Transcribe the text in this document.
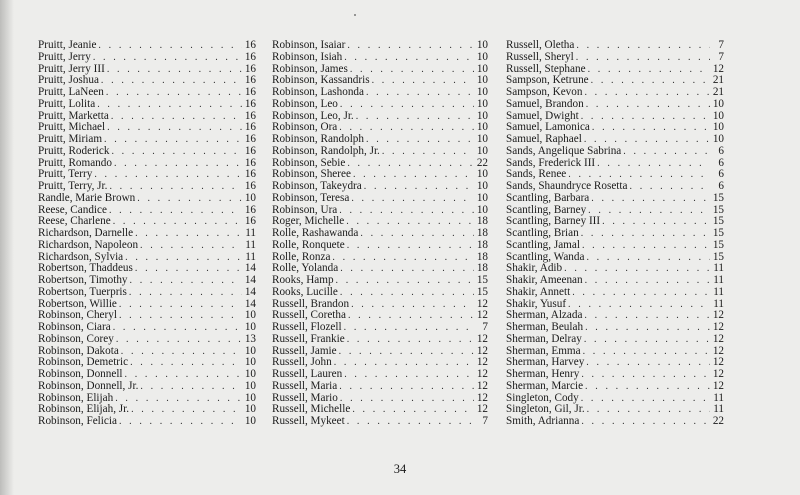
Pruitt, Jeanie . . .	16
Pruitt, Jerry . . .	16
Pruitt, Jerry III . . .	16
Pruitt, Joshua . . .	16
Pruitt, LaNeen . . .	16
Pruitt, Lolita . . .	16
Pruitt, Marketta . . .	16
Pruitt, Michael . . .	16
Pruitt, Miriam . . .	16
Pruitt, Roderick . . .	16
Pruitt, Romando . . .	16
Pruitt, Terry . . .	16
Pruitt, Terry, Jr. . . .	16
Randle, Marie Brown . . .	10
Reese, Candice . . .	16
Reese, Charlene . . .	16
Richardson, Darnelle . . .	11
Richardson, Napoleon . . .	11
Richardson, Sylvia . . .	11
Robertson, Thaddeus . . .	14
Robertson, Timothy . . .	14
Robertson, Tuerpris . . .	14
Robertson, Willie . . .	14
Robinson, Cheryl . . .	10
Robinson, Ciara . . .	10
Robinson, Corey . . .	13
Robinson, Dakota . . .	10
Robinson, Demetric . . .	10
Robinson, Donnell . . .	10
Robinson, Donnell, Jr. . . .	10
Robinson, Elijah . . .	10
Robinson, Elijah, Jr. . . .	10
Robinson, Felicia . . .	10
Robinson, Isaiar . . .	10
Robinson, Isiah . . .	10
Robinson, James . . .	10
Robinson, Kassandris . . .	10
Robinson, Lashonda . . .	10
Robinson, Leo . . .	10
Robinson, Leo, Jr. . . .	10
Robinson, Ora . . .	10
Robinson, Randolph . . .	10
Robinson, Randolph, Jr. . . .	10
Robinson, Sebie . . .	22
Robinson, Sheree . . .	10
Robinson, Takeydra . . .	10
Robinson, Teresa . . .	10
Robinson, Ura . . .	10
Roger, Michelle . . .	18
Rolle, Rashawanda . . .	18
Rolle, Ronquete . . .	18
Rolle, Ronza . . .	18
Rolle, Yolanda . . .	18
Rooks, Hamp . . .	15
Rooks, Lucille . . .	15
Russell, Brandon . . .	12
Russell, Coretha . . .	12
Russell, Flozell . . .	7
Russell, Frankie . . .	12
Russell, Jamie . . .	12
Russell, John . . .	12
Russell, Lauren . . .	12
Russell, Maria . . .	12
Russell, Mario . . .	12
Russell, Michelle . . .	12
Russell, Mykeet . . .	7
Russell, Oletha . . .	7
Russell, Sheryl . . .	7
Russell, Stephane . . .	12
Sampson, Ketrune . . .	21
Sampson, Kevon . . .	21
Samuel, Brandon . . .	10
Samuel, Dwight . . .	10
Samuel, Lamonica . . .	10
Samuel, Raphael . . .	10
Sands, Angelique Sabrina . . .	6
Sands, Frederick III . . .	6
Sands, Renee . . .	6
Sands, Shaundryce Rosetta . . .	6
Scantling, Barbara . . .	15
Scantling, Barney . . .	15
Scantling, Barney III . . .	15
Scantling, Brian . . .	15
Scantling, Jamal . . .	15
Scantling, Wanda . . .	15
Shakir, Adib . . .	11
Shakir, Ameenan . . .	11
Shakir, Annett . . .	11
Shakir, Yusuf . . .	11
Sherman, Alzada . . .	12
Sherman, Beulah . . .	12
Sherman, Delray . . .	12
Sherman, Emma . . .	12
Sherman, Harvey . . .	12
Sherman, Henry . . .	12
Sherman, Marcie . . .	12
Singleton, Cody . . .	11
Singleton, Gil, Jr. . . .	11
Smith, Adrianna . . .	22
34
